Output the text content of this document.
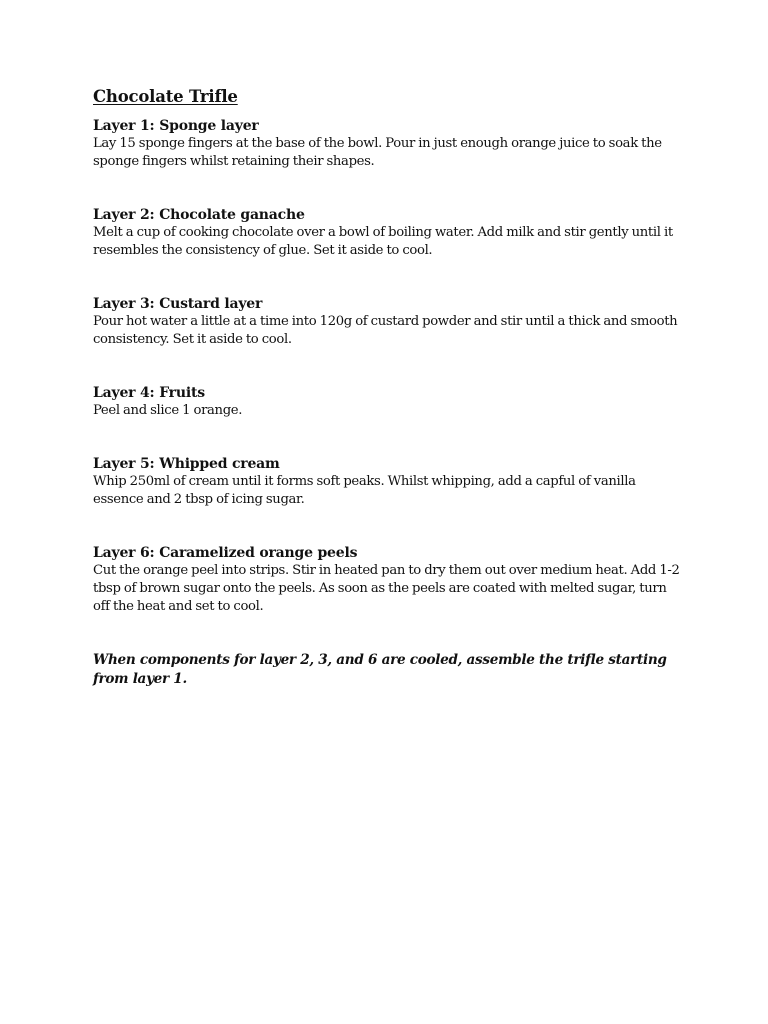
Chocolate Trifle

Layer 1: Sponge layer

Lay 15 sponge fingers at the base of the bowl. Pour in just enough orange juice to soak the sponge fingers whilst retaining their shapes.

Layer 2: Chocolate ganache

Melt a cup of cooking chocolate over a bowl of boiling water. Add milk and stir gently until it resembles the consistency of glue. Set it aside to cool.

Layer 3: Custard layer

Pour hot water a little at a time into 120g of custard powder and stir until a thick and smooth consistency. Set it aside to cool.

Layer 4: Fruits

Peel and slice 1 orange.

Layer 5: Whipped cream

Whip 250ml of cream until it forms soft peaks. Whilst whipping, add a capful of vanilla essence and 2 tbsp of icing sugar.

Layer 6: Caramelized orange peels

Cut the orange peel into strips. Stir in heated pan to dry them out over medium heat. Add 1-2 tbsp of brown sugar onto the peels. As soon as the peels are coated with melted sugar, turn off the heat and set to cool.

When components for layer 2, 3, and 6 are cooled, assemble the trifle starting from layer 1.
